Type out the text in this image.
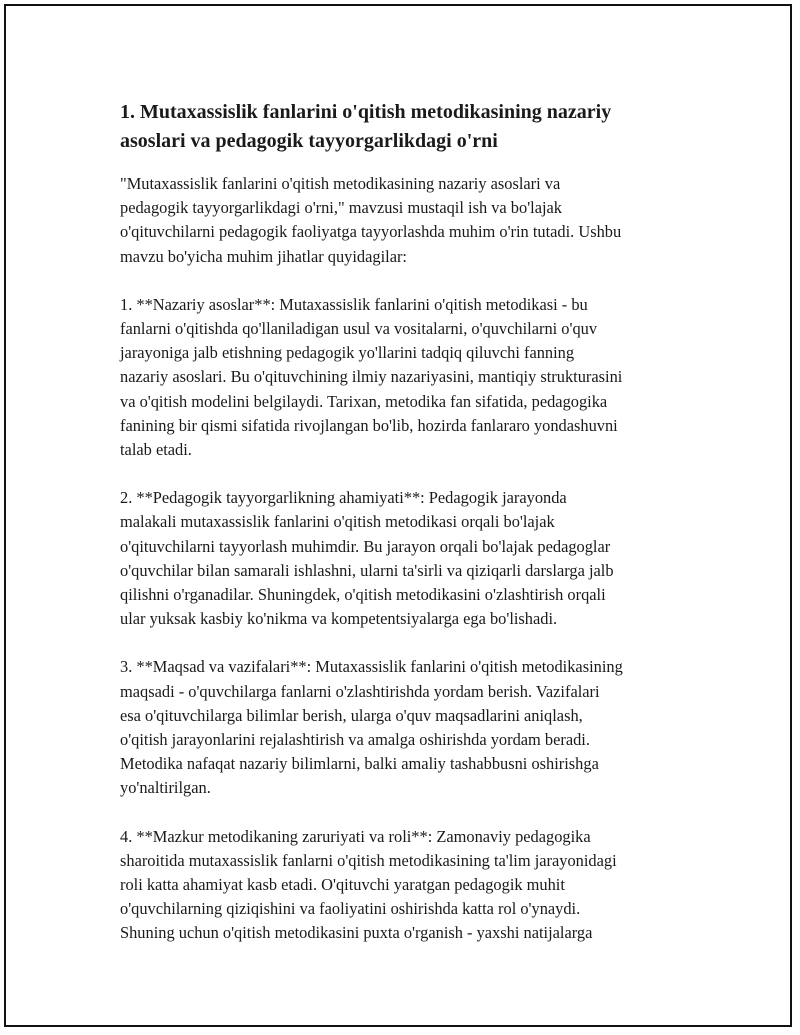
1. Mutaxassislik fanlarini o'qitish metodikasining nazariy
asoslari va pedagogik tayyorgarlikdagi o'rni

"Mutaxassislik fanlarini o'qitish metodikasining nazariy asoslari va
pedagogik tayyorgarlikdagi o'rni," mavzusi mustaqil ish va bo'lajak
o'qituvchilarni pedagogik faoliyatga tayyorlashda muhim o'rin tutadi. Ushbu
mavzu bo'yicha muhim jihatlar quyidagilar:

1. **Nazariy asoslar**: Mutaxassislik fanlarini o'qitish metodikasi - bu
fanlarni o'qitishda qo'llaniladigan usul va vositalarni, o'quvchilarni o'quv
jarayoniga jalb etishning pedagogik yo'llarini tadqiq qiluvchi fanning
nazariy asoslari. Bu o'qituvchining ilmiy nazariyasini, mantiqiy strukturasini
va o'qitish modelini belgilaydi. Tarixan, metodika fan sifatida, pedagogika
fanining bir qismi sifatida rivojlangan bo'lib, hozirda fanlararo yondashuvni
talab etadi.

2. **Pedagogik tayyorgarlikning ahamiyati**: Pedagogik jarayonda
malakali mutaxassislik fanlarini o'qitish metodikasi orqali bo'lajak
o'qituvchilarni tayyorlash muhimdir. Bu jarayon orqali bo'lajak pedagoglar
o'quvchilar bilan samarali ishlashni, ularni ta'sirli va qiziqarli darslarga jalb
qilishni o'rganadilar. Shuningdek, o'qitish metodikasini o'zlashtirish orqali
ular yuksak kasbiy ko'nikma va kompetentsiyalarga ega bo'lishadi.

3. **Maqsad va vazifalari**: Mutaxassislik fanlarini o'qitish metodikasining
maqsadi - o'quvchilarga fanlarni o'zlashtirishda yordam berish. Vazifalari
esa o'qituvchilarga bilimlar berish, ularga o'quv maqsadlarini aniqlash,
o'qitish jarayonlarini rejalashtirish va amalga oshirishda yordam beradi.
Metodika nafaqat nazariy bilimlarni, balki amaliy tashabbusni oshirishga
yo'naltirilgan.

4. **Mazkur metodikaning zaruriyati va roli**: Zamonaviy pedagogika
sharoitida mutaxassislik fanlarni o'qitish metodikasining ta'lim jarayonidagi
roli katta ahamiyat kasb etadi. O'qituvchi yaratgan pedagogik muhit
o'quvchilarning qiziqishini va faoliyatini oshirishda katta rol o'ynaydi.
Shuning uchun o'qitish metodikasini puxta o'rganish - yaxshi natijalarga
